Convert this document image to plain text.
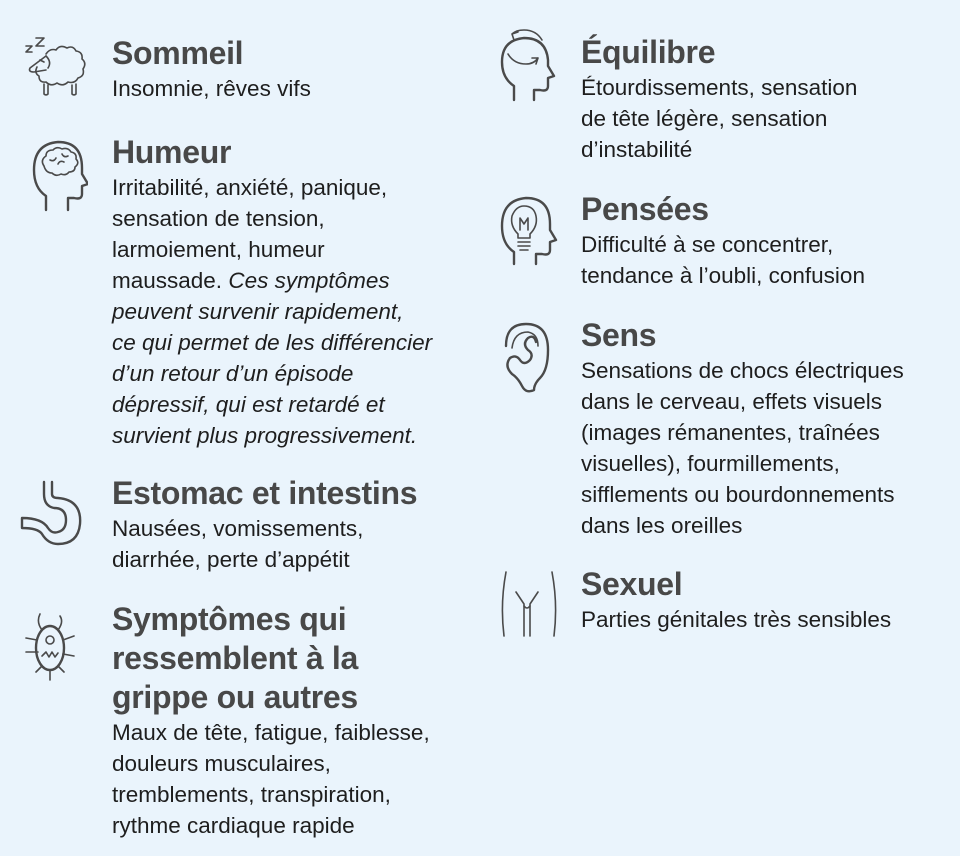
Sommeil

Insomnie, rêves vifs

Humeur

Irritabilité, anxiété, panique,
sensation de tension,
larmoiement, humeur
maussade. Ces symptômes
peuvent survenir rapidement,
ce qui permet de les différencier
d’un retour d’un épisode
dépressif, qui est retardé et
survient plus progressivement.

Estomac et intestins

Nausées, vomissements,
diarrhée, perte d’appétit

Symptômes qui
ressemblent à la
grippe ou autres

Maux de tête, fatigue, faiblesse,
douleurs musculaires,
tremblements, transpiration,
rythme cardiaque rapide

Équilibre

Étourdissements, sensation
de tête légère, sensation
d’instabilité

Pensées

Difficulté à se concentrer,
tendance à l’oubli, confusion

Sens

Sensations de chocs électriques
dans le cerveau, effets visuels
(images rémanentes, traînées
visuelles), fourmillements,
sifflements ou bourdonnements
dans les oreilles

Sexuel

Parties génitales très sensibles
